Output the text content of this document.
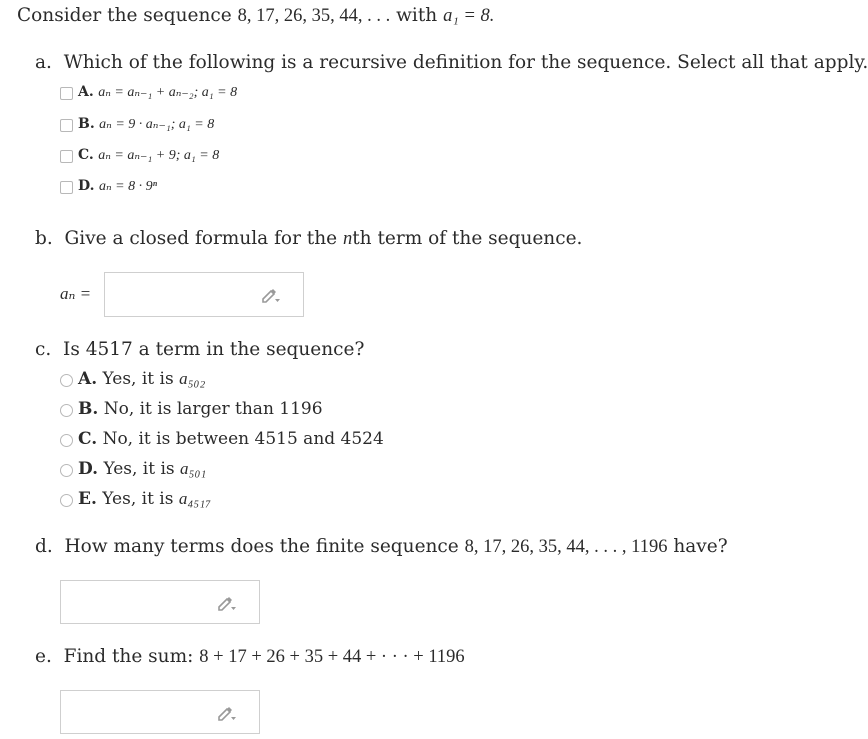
Consider the sequence 8, 17, 26, 35, 44, . . . with a₁ = 8.
a. Which of the following is a recursive definition for the sequence. Select all that apply.
A. aₙ = aₙ₋₁ + aₙ₋₂; a₁ = 8
B. aₙ = 9 · aₙ₋₁; a₁ = 8
C. aₙ = aₙ₋₁ + 9; a₁ = 8
D. aₙ = 8 · 9ⁿ
b. Give a closed formula for the nth term of the sequence.
aₙ =
c. Is 4517 a term in the sequence?
A. Yes, it is a₅₀₂
B. No, it is larger than 1196
C. No, it is between 4515 and 4524
D. Yes, it is a₅₀₁
E. Yes, it is a₄₅₁₇
d. How many terms does the finite sequence 8, 17, 26, 35, 44, . . . , 1196 have?
e. Find the sum: 8 + 17 + 26 + 35 + 44 + · · · + 1196
